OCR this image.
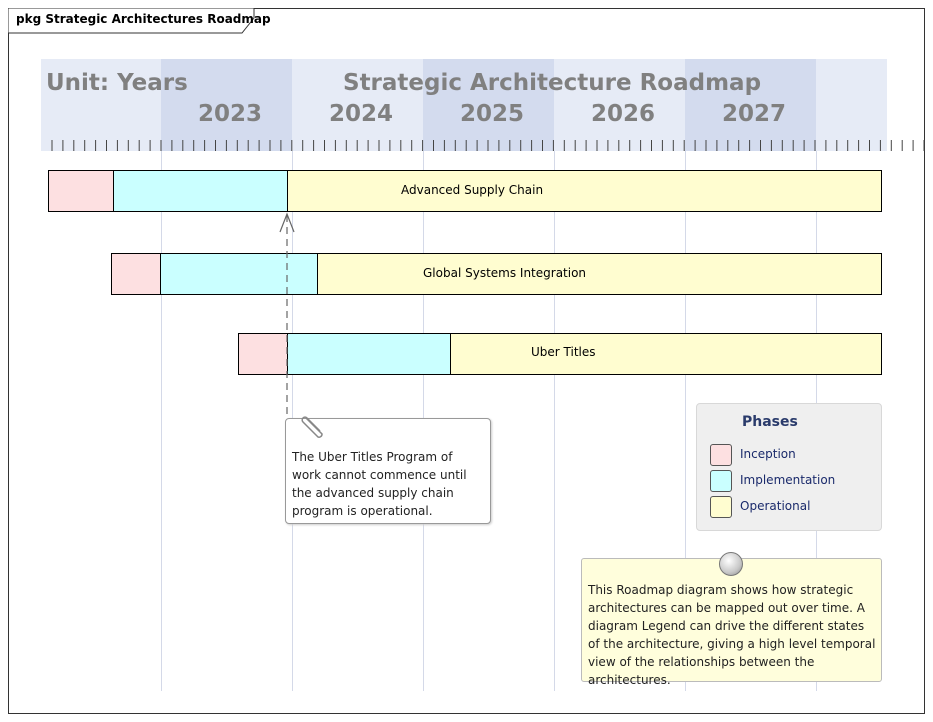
pkg Strategic Architectures Roadmap
Unit: Years	Strategic Architecture Roadmap
2023	2024	2025	2026	2027
Advanced Supply Chain
Global Systems Integration
Uber Titles
The Uber Titles Program of work cannot commence until the advanced supply chain program is operational.
Phases
Inception
Implementation
Operational
This Roadmap diagram shows how strategic architectures can be mapped out over time. A diagram Legend can drive the different states of the architecture, giving a high level temporal view of the relationships between the architectures.
